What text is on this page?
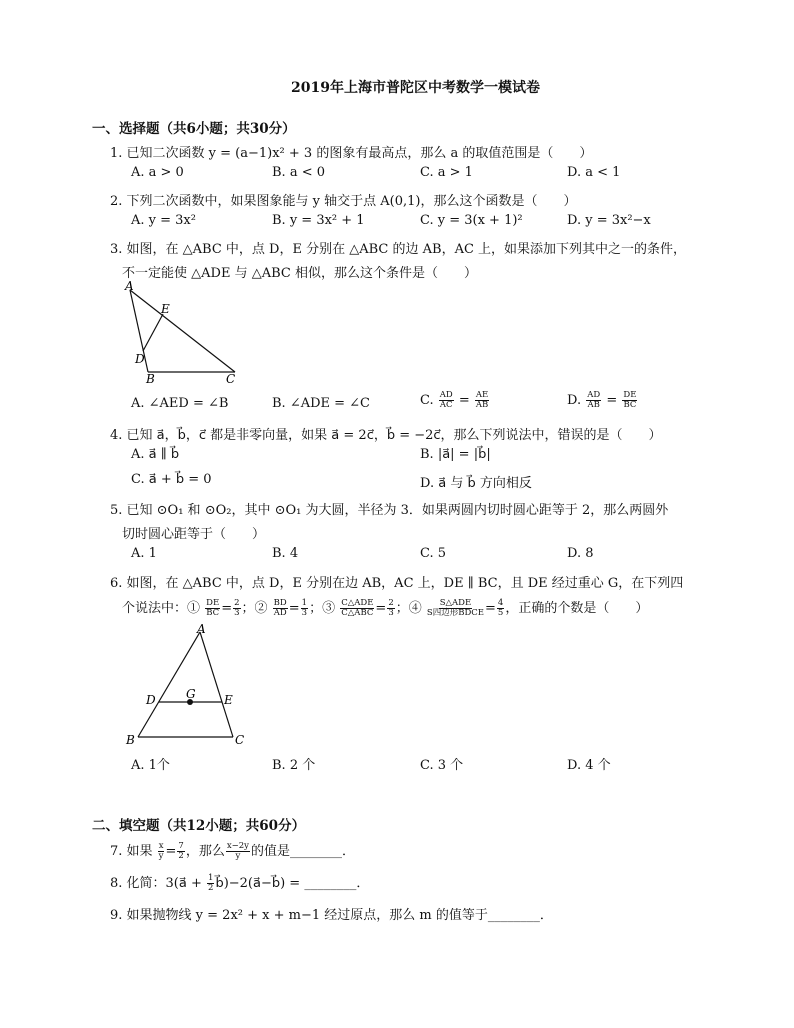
2019年上海市普陀区中考数学一模试卷
一、选择题（共6小题；共30分）
1. 已知二次函数 y = (a−1)x² + 3 的图象有最高点，那么 a 的取值范围是（　　）
A. a > 0	B. a < 0	C. a > 1	D. a < 1
2. 下列二次函数中，如果图象能与 y 轴交于点 A(0,1)，那么这个函数是（　　）
A. y = 3x²	B. y = 3x² + 1	C. y = 3(x + 1)²	D. y = 3x²−x
3. 如图，在 △ABC 中，点 D，E 分别在 △ABC 的边 AB，AC 上，如果添加下列其中之一的条件，
不一定能使 △ADE 与 △ABC 相似，那么这个条件是（　　）
A
E
D
B	C
A. ∠AED = ∠B	B. ∠ADE = ∠C	C. $\frac{AD}{AC} = \frac{AE}{AB}$	D. $\frac{AD}{AB} = \frac{DE}{BC}$
4. 已知 a⃗，b⃗，c⃗ 都是非零向量，如果 a⃗ = 2c⃗，b⃗ = −2c⃗，那么下列说法中，错误的是（　　）
A. a⃗ ∥ b⃗	B. |a⃗| = |b⃗|
C. a⃗ + b⃗ = 0	D. a⃗ 与 b⃗ 方向相反
5. 已知 ⊙O₁ 和 ⊙O₂，其中 ⊙O₁ 为大圆，半径为 3．如果两圆内切时圆心距等于 2，那么两圆外
切时圆心距等于（　　）
A. 1	B. 4	C. 5	D. 8
6. 如图，在 △ABC 中，点 D，E 分别在边 AB，AC 上，DE ∥ BC，且 DE 经过重心 G，在下列四
个说法中：① $\frac{DE}{BC} = \frac{2}{3}$ ；② $\frac{BD}{AD} = \frac{1}{3}$ ；③ $\frac{\text{C△ADE}}{\text{C△ABC}} = \frac{2}{3}$ ；④ $\frac{\text{S△ADE}}{\text{S四边形BDCE}} = \frac{4}{5}$ ，正确的个数是（　　）
A
D	G E
B	C
A. 1个	B. 2 个	C. 3 个	D. 4 个
二、填空题（共12小题；共60分）
7. 如果 $\frac{x}{y} = \frac{7}{2}$ ，那么 $\frac{x-2y}{y}$ 的值是________．
8. 化简：3(a⃗ + $\frac{1}{2}$ b⃗)−2(a⃗−b⃗) = ________．
9. 如果抛物线 y = 2x² + x + m−1 经过原点，那么 m 的值等于________．
